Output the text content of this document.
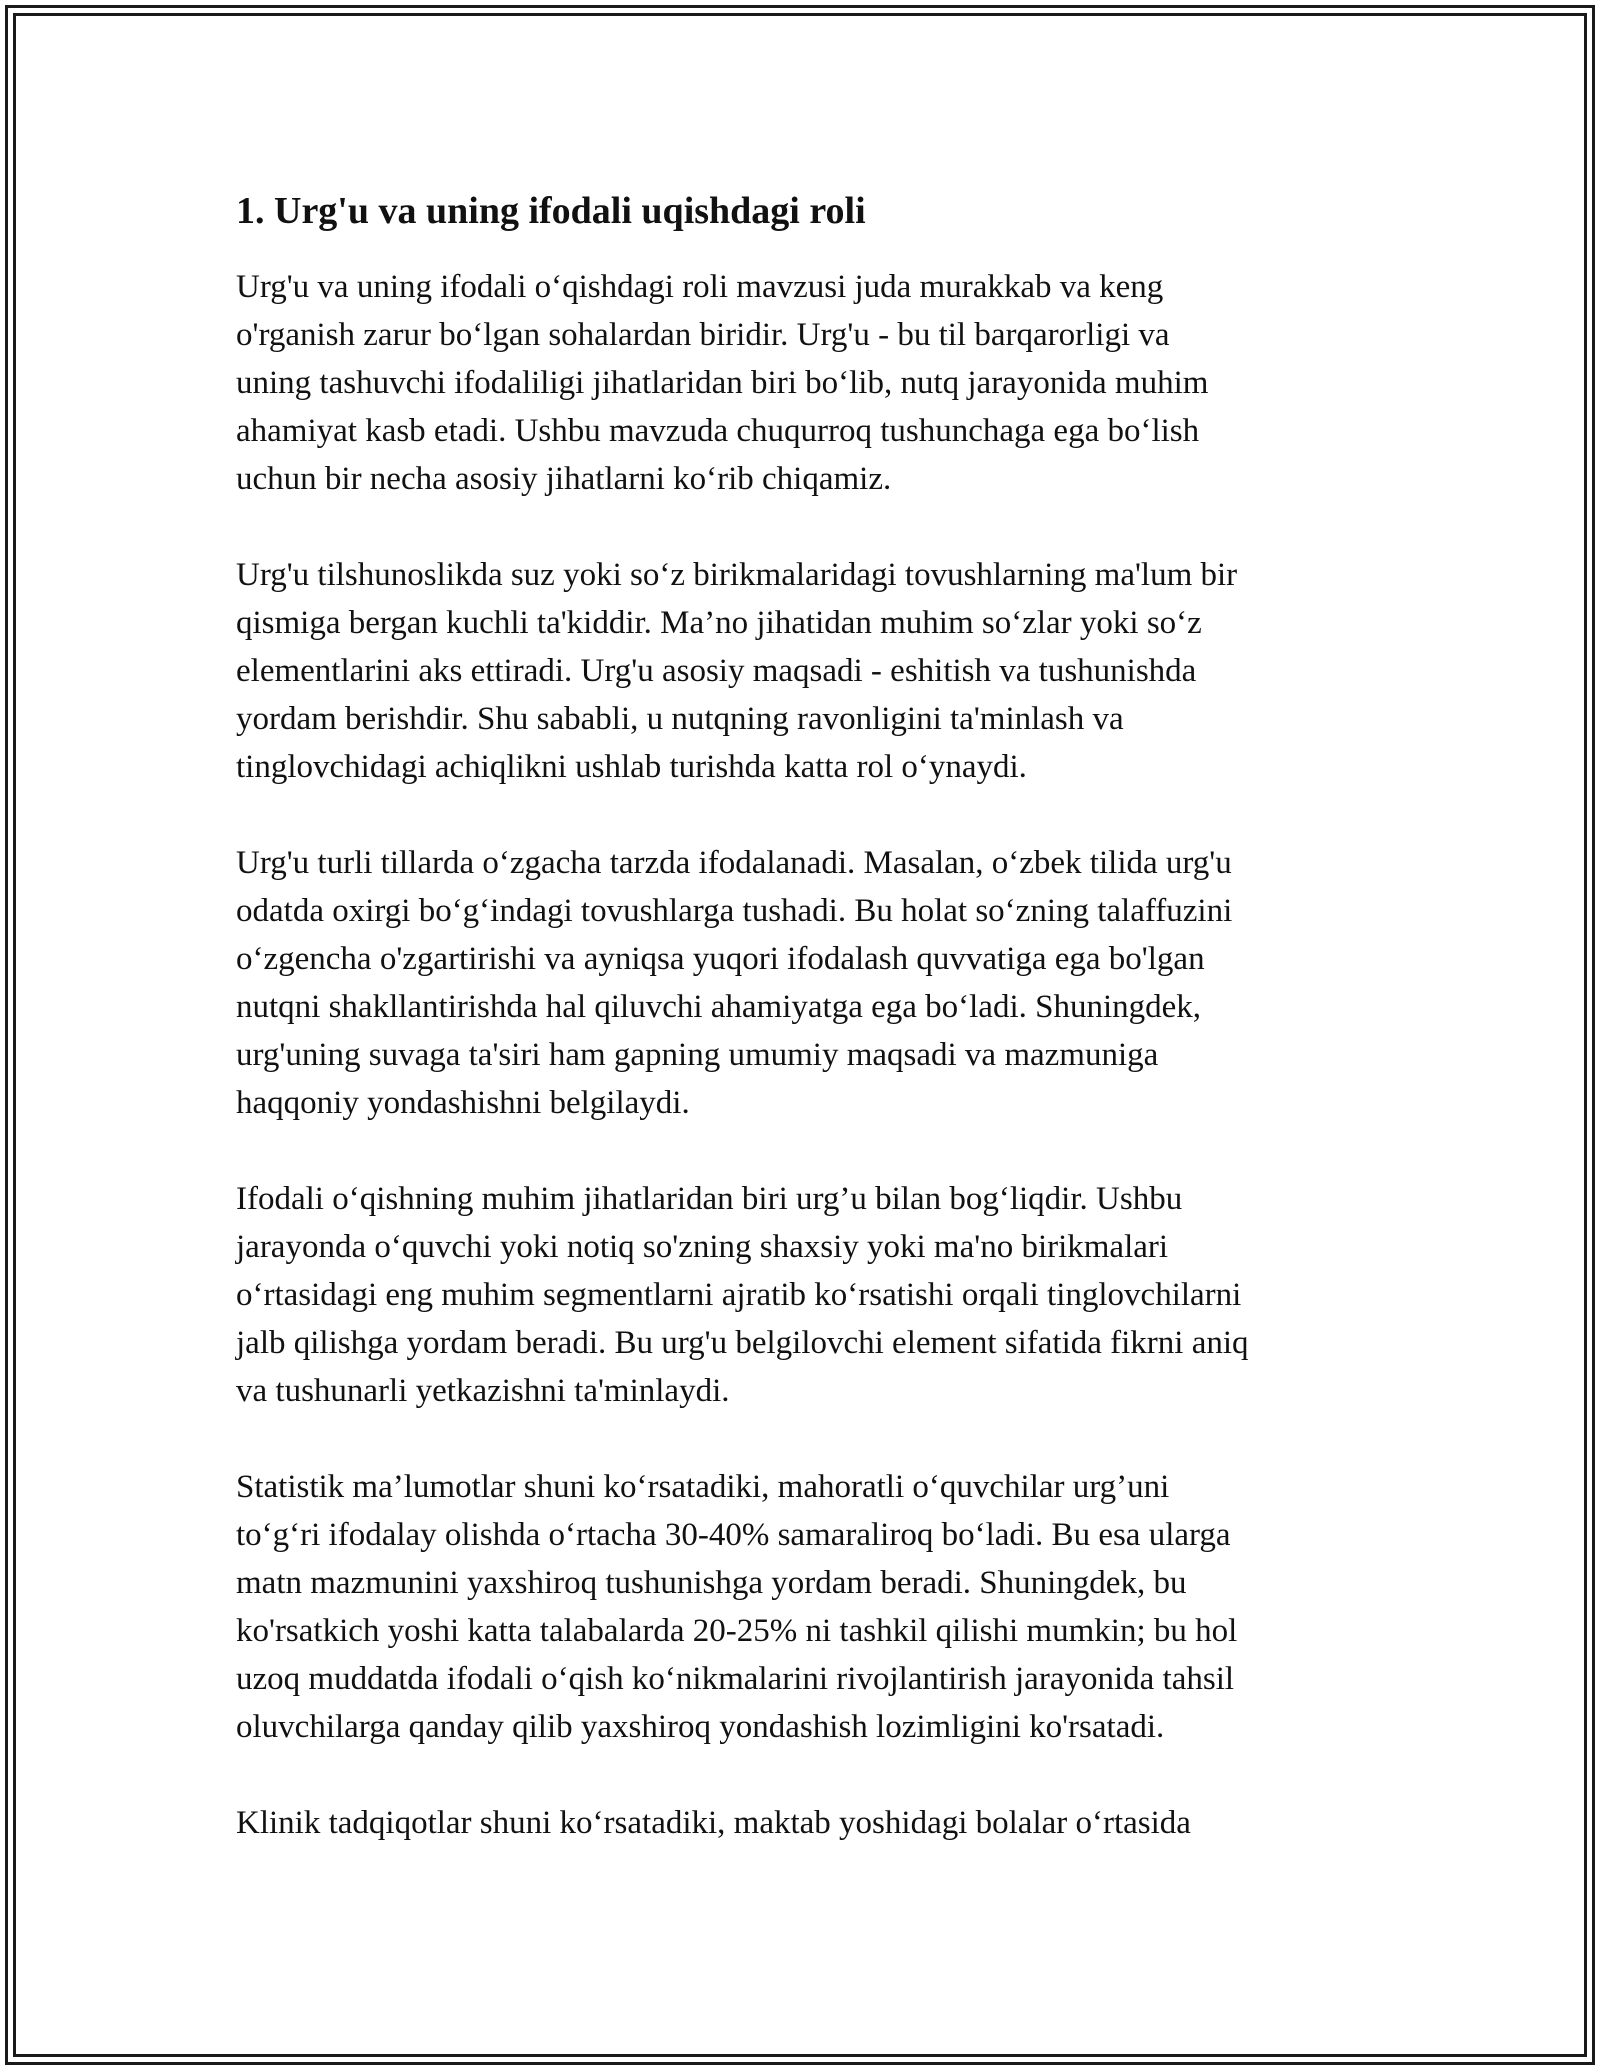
1. Urg'u va uning ifodali uqishdagi roli
Urg'u va uning ifodali o‘qishdagi roli mavzusi juda murakkab va keng
o'rganish zarur bo‘lgan sohalardan biridir. Urg'u - bu til barqarorligi va
uning tashuvchi ifodaliligi jihatlaridan biri bo‘lib, nutq jarayonida muhim
ahamiyat kasb etadi. Ushbu mavzuda chuqurroq tushunchaga ega bo‘lish
uchun bir necha asosiy jihatlarni ko‘rib chiqamiz.
Urg'u tilshunoslikda suz yoki so‘z birikmalaridagi tovushlarning ma'lum bir
qismiga bergan kuchli ta'kiddir. Ma’no jihatidan muhim so‘zlar yoki so‘z
elementlarini aks ettiradi. Urg'u asosiy maqsadi - eshitish va tushunishda
yordam berishdir. Shu sababli, u nutqning ravonligini ta'minlash va
tinglovchidagi achiqlikni ushlab turishda katta rol o‘ynaydi.
Urg'u turli tillarda o‘zgacha tarzda ifodalanadi. Masalan, o‘zbek tilida urg'u
odatda oxirgi bo‘g‘indagi tovushlarga tushadi. Bu holat so‘zning talaffuzini
o‘zgencha o'zgartirishi va ayniqsa yuqori ifodalash quvvatiga ega bo'lgan
nutqni shakllantirishda hal qiluvchi ahamiyatga ega bo‘ladi. Shuningdek,
urg'uning suvaga ta'siri ham gapning umumiy maqsadi va mazmuniga
haqqoniy yondashishni belgilaydi.
Ifodali o‘qishning muhim jihatlaridan biri urg’u bilan bog‘liqdir. Ushbu
jarayonda o‘quvchi yoki notiq so'zning shaxsiy yoki ma'no birikmalari
o‘rtasidagi eng muhim segmentlarni ajratib ko‘rsatishi orqali tinglovchilarni
jalb qilishga yordam beradi. Bu urg'u belgilovchi element sifatida fikrni aniq
va tushunarli yetkazishni ta'minlaydi.
Statistik ma’lumotlar shuni ko‘rsatadiki, mahoratli o‘quvchilar urg’uni
to‘g‘ri ifodalay olishda o‘rtacha 30-40% samaraliroq bo‘ladi. Bu esa ularga
matn mazmunini yaxshiroq tushunishga yordam beradi. Shuningdek, bu
ko'rsatkich yoshi katta talabalarda 20-25% ni tashkil qilishi mumkin; bu hol
uzoq muddatda ifodali o‘qish ko‘nikmalarini rivojlantirish jarayonida tahsil
oluvchilarga qanday qilib yaxshiroq yondashish lozimligini ko'rsatadi.
Klinik tadqiqotlar shuni ko‘rsatadiki, maktab yoshidagi bolalar o‘rtasida
